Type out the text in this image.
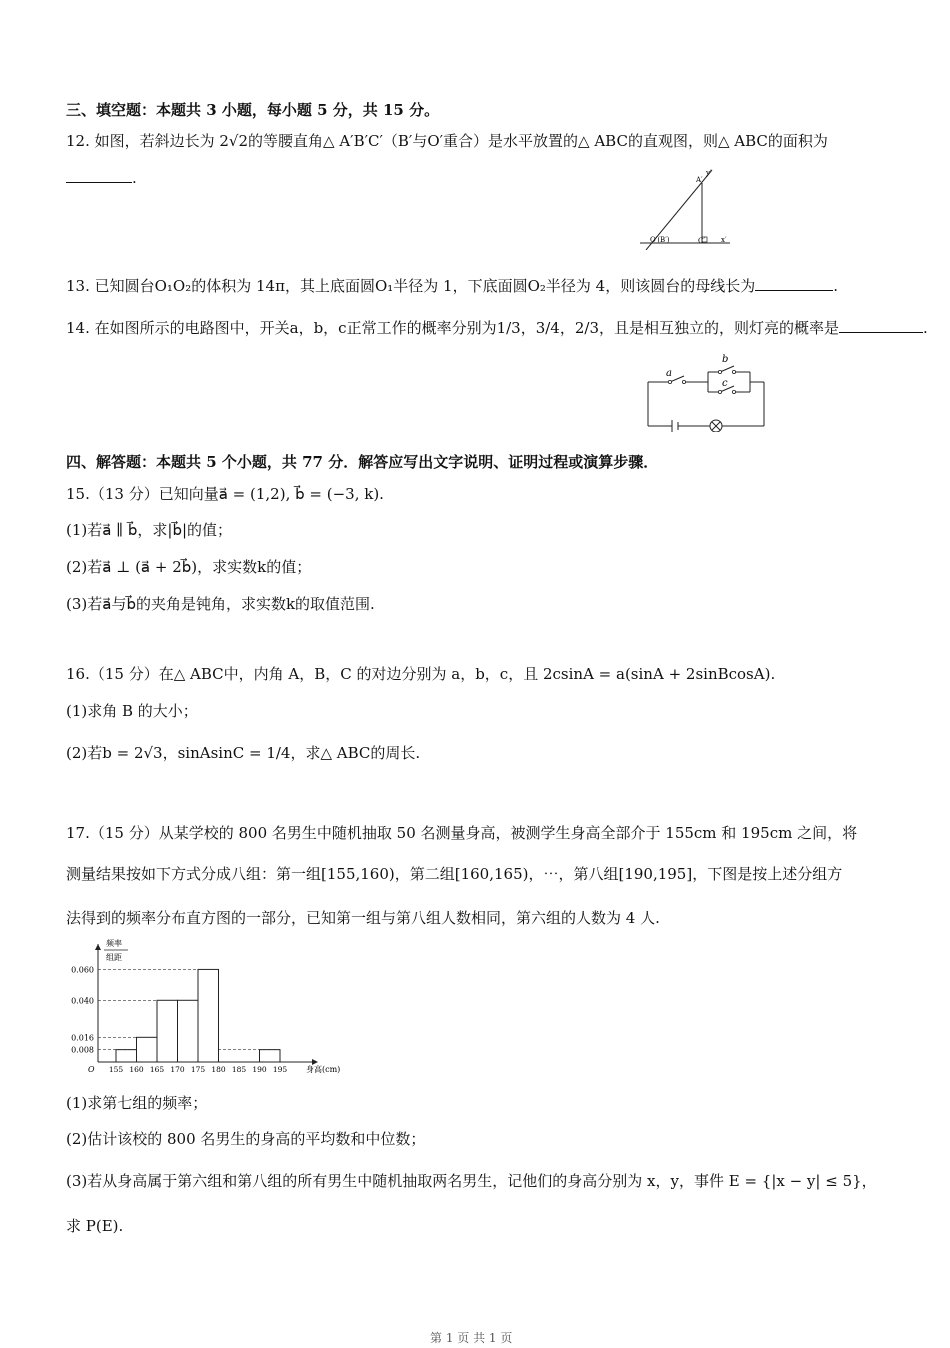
三、填空题：本题共 3 小题，每小题 5 分，共 15 分。
12. 如图，若斜边长为 2√2的等腰直角△ A′B′C′（B′与O′重合）是水平放置的△ ABC的直观图，则△ ABC的面积为
.	y′
A′
O′(B′)	C′ x′
13. 已知圆台O₁O₂的体积为 14π，其上底面圆O₁半径为 1，下底面圆O₂半径为 4，则该圆台的母线长为	.
14. 在如图所示的电路图中，开关a，b，c正常工作的概率分别为1/3，3/4，2/3，且是相互独立的，则灯亮的概率是	.
a
b
c
四、解答题：本题共 5 个小题，共 77 分．解答应写出文字说明、证明过程或演算步骤．
15.（13 分）已知向量a⃗ = (1,2), b⃗ = (−3, k).
(1)若a⃗ ∥ b⃗，求|b⃗|的值；
(2)若a⃗ ⊥ (a⃗ + 2b⃗)，求实数k的值；
(3)若a⃗与b⃗的夹角是钝角，求实数k的取值范围.
16.（15 分）在△ ABC中，内角 A，B，C 的对边分别为 a，b，c，且 2csinA = a(sinA + 2sinBcosA).
(1)求角 B 的大小；
(2)若b = 2√3，sinAsinC = 1/4，求△ ABC的周长.
17.（15 分）从某学校的 800 名男生中随机抽取 50 名测量身高，被测学生身高全部介于 155cm 和 195cm 之间，将
测量结果按如下方式分成八组：第一组[155,160)，第二组[160,165)，⋯，第八组[190,195]，下图是按上述分组方
法得到的频率分布直方图的一部分，已知第一组与第八组人数相同，第六组的人数为 4 人.
频率
组距
O	身高(cm)
0.060
0.040
0.016
0.008
155 160 165 170 175 180 185 190 195
(1)求第七组的频率；
(2)估计该校的 800 名男生的身高的平均数和中位数；
(3)若从身高属于第六组和第八组的所有男生中随机抽取两名男生，记他们的身高分别为 x，y，事件 E = {|x − y| ≤ 5}，
求 P(E).
第 1 页 共 1 页
